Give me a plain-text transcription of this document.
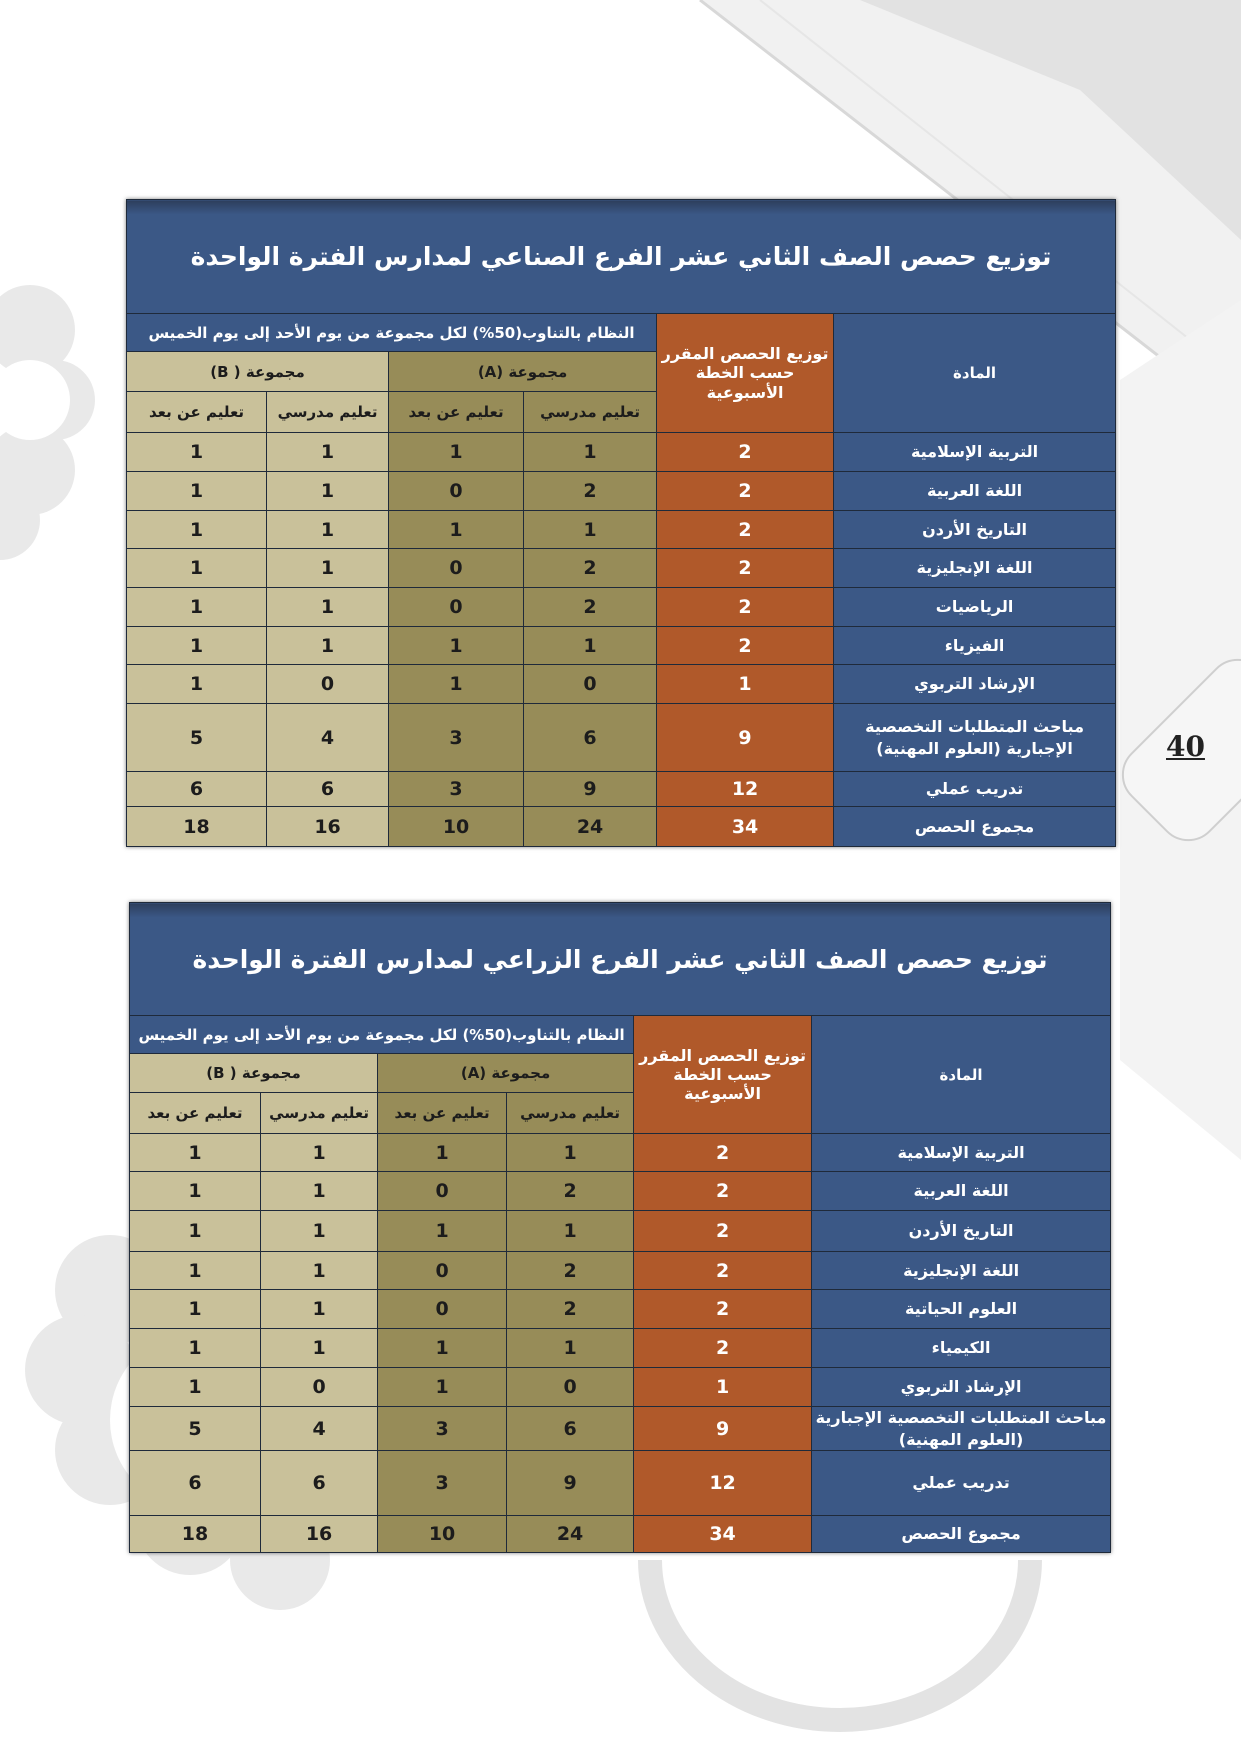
توزيع حصص الصف الثاني عشر الفرع الصناعي لمدارس الفترة الواحدة					
المادة	توزيع الحصص المقرر حسب الخطة الأسبوعية	النظام بالتناوب(50%) لكل مجموعة من يوم الأحد إلى يوم الخميس			
		مجموعة (A)		مجموعة ( B)	
		تعليم مدرسي	تعليم عن بعد	تعليم مدرسي	تعليم عن بعد
التربية الإسلامية	2	1	1	1	1
اللغة العربية	2	2	0	1	1
التاريخ الأردن	2	1	1	1	1
اللغة الإنجليزية	2	2	0	1	1
الرياضيات	2	2	0	1	1
الفيزياء	2	1	1	1	1
الإرشاد التربوي	1	0	1	0	1
مباحث المتطلبات التخصصية الإجبارية (العلوم المهنية)	9	6	3	4	5
تدريب عملي	12	9	3	6	6
مجموع الحصص	34	24	10	16	18
توزيع حصص الصف الثاني عشر الفرع الزراعي لمدارس الفترة الواحدة					
المادة	توزيع الحصص المقرر حسب الخطة الأسبوعية	النظام بالتناوب(50%) لكل مجموعة من يوم الأحد إلى يوم الخميس			
		مجموعة (A)		مجموعة ( B)	
		تعليم مدرسي	تعليم عن بعد	تعليم مدرسي	تعليم عن بعد
التربية الإسلامية	2	1	1	1	1
اللغة العربية	2	2	0	1	1
التاريخ الأردن	2	1	1	1	1
اللغة الإنجليزية	2	2	0	1	1
العلوم الحياتية	2	2	0	1	1
الكيمياء	2	1	1	1	1
الإرشاد التربوي	1	0	1	0	1
مباحث المتطلبات التخصصية الإجبارية (العلوم المهنية)	9	6	3	4	5
تدريب عملي	12	9	3	6	6
مجموع الحصص	34	24	10	16	18
40
